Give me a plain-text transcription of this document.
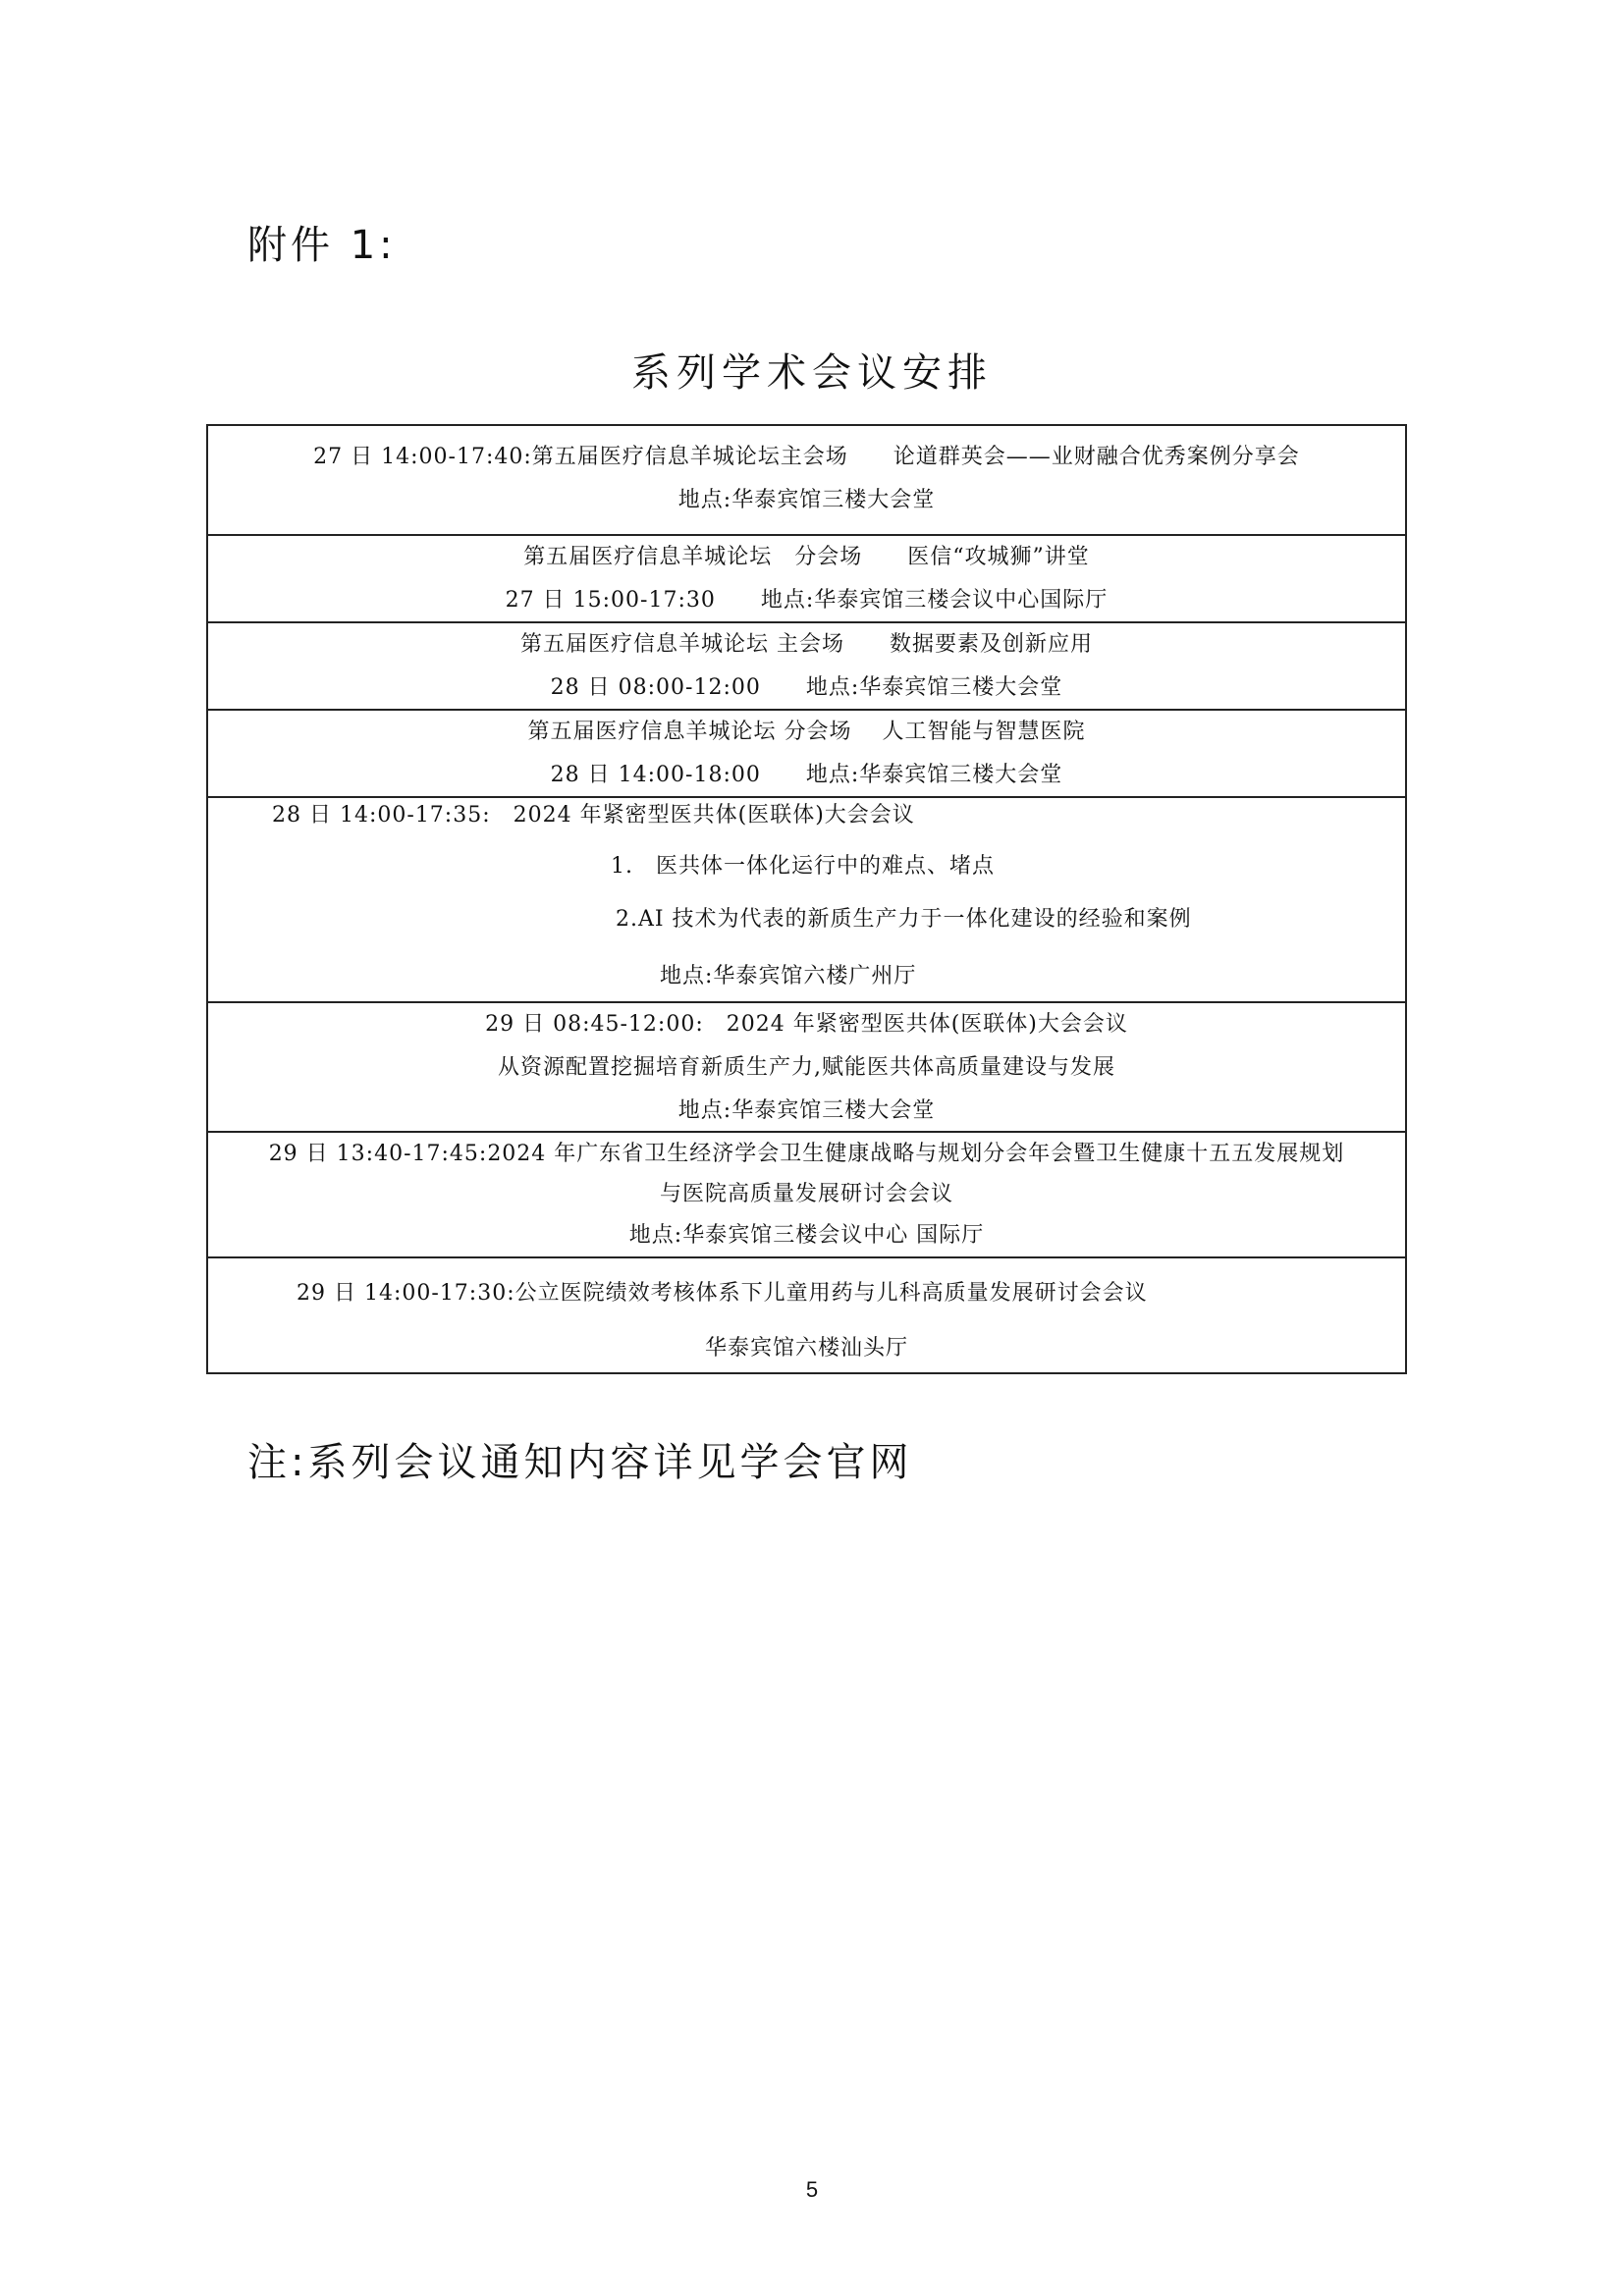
附件 1:
系列学术会议安排
27 日 14:00-17:40:第五届医疗信息羊城论坛主会场　　论道群英会——业财融合优秀案例分享会
地点:华泰宾馆三楼大会堂
第五届医疗信息羊城论坛　分会场　　医信“攻城狮”讲堂
27 日 15:00-17:30　　地点:华泰宾馆三楼会议中心国际厅
第五届医疗信息羊城论坛 主会场　　数据要素及创新应用
28 日 08:00-12:00　　地点:华泰宾馆三楼大会堂
第五届医疗信息羊城论坛 分会场　 人工智能与智慧医院
28 日 14:00-18:00　　地点:华泰宾馆三楼大会堂
28 日 14:00-17:35:　2024 年紧密型医共体(医联体)大会会议
1.　医共体一体化运行中的难点、堵点
2.AI 技术为代表的新质生产力于一体化建设的经验和案例
地点:华泰宾馆六楼广州厅
29 日 08:45-12:00:　2024 年紧密型医共体(医联体)大会会议
从资源配置挖掘培育新质生产力,赋能医共体高质量建设与发展
地点:华泰宾馆三楼大会堂
29 日 13:40-17:45:2024 年广东省卫生经济学会卫生健康战略与规划分会年会暨卫生健康十五五发展规划
与医院高质量发展研讨会会议
地点:华泰宾馆三楼会议中心 国际厅
29 日 14:00-17:30:公立医院绩效考核体系下儿童用药与儿科高质量发展研讨会会议
华泰宾馆六楼汕头厅
注:系列会议通知内容详见学会官网
5
